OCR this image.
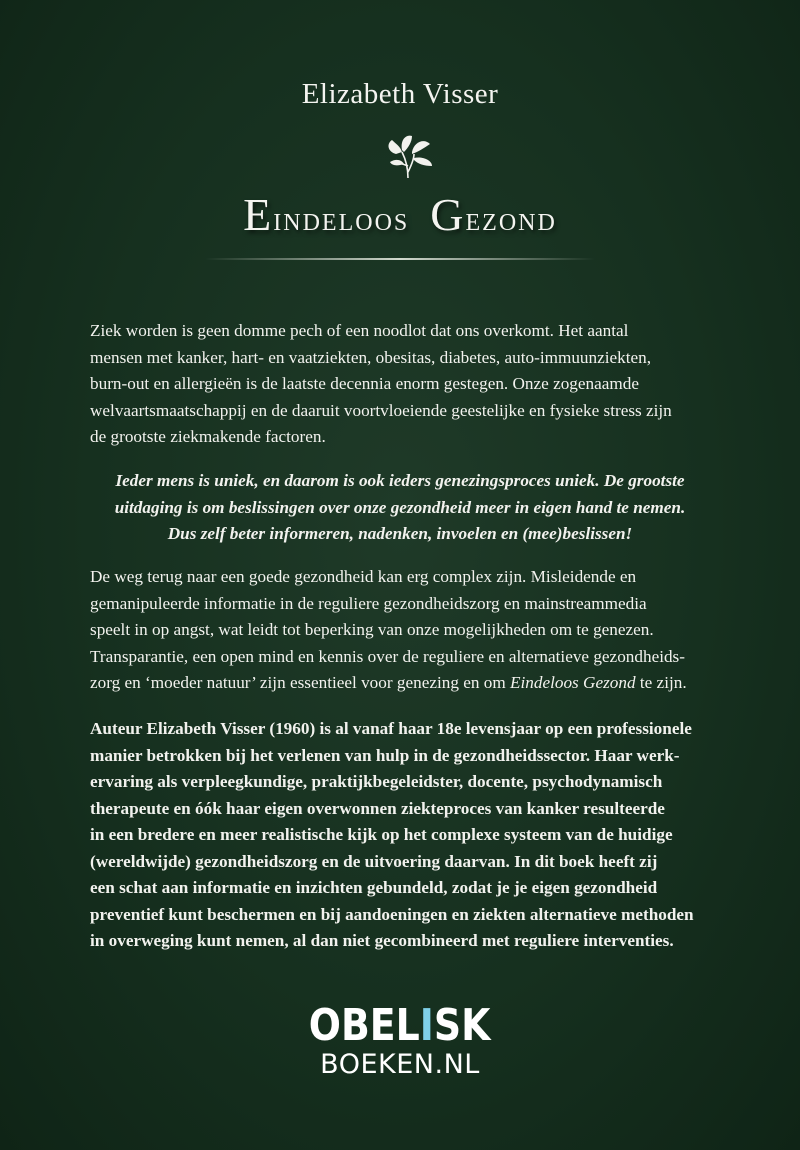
Elizabeth Visser
Eindeloos Gezond
Ziek worden is geen domme pech of een noodlot dat ons overkomt. Het aantal
mensen met kanker, hart- en vaatziekten, obesitas, diabetes, auto-immuunziekten,
burn-out en allergieën is de laatste decennia enorm gestegen. Onze zogenaamde
welvaartsmaatschappij en de daaruit voortvloeiende geestelijke en fysieke stress zijn
de grootste ziekmakende factoren.
Ieder mens is uniek, en daarom is ook ieders genezingsproces uniek. De grootste
uitdaging is om beslissingen over onze gezondheid meer in eigen hand te nemen.
Dus zelf beter informeren, nadenken, invoelen en (mee)beslissen!
De weg terug naar een goede gezondheid kan erg complex zijn. Misleidende en
gemanipuleerde informatie in de reguliere gezondheidszorg en mainstreammedia
speelt in op angst, wat leidt tot beperking van onze mogelijkheden om te genezen.
Transparantie, een open mind en kennis over de reguliere en alternatieve gezondheids-
zorg en ‘moeder natuur’ zijn essentieel voor genezing en om Eindeloos Gezond te zijn.
Auteur Elizabeth Visser (1960) is al vanaf haar 18e levensjaar op een professionele
manier betrokken bij het verlenen van hulp in de gezondheidssector. Haar werk-
ervaring als verpleegkundige, praktijkbegeleidster, docente, psychodynamisch
therapeute en óók haar eigen overwonnen ziekteproces van kanker resulteerde
in een bredere en meer realistische kijk op het complexe systeem van de huidige
(wereldwijde) gezondheidszorg en de uitvoering daarvan. In dit boek heeft zij
een schat aan informatie en inzichten gebundeld, zodat je je eigen gezondheid
preventief kunt beschermen en bij aandoeningen en ziekten alternatieve methoden
in overweging kunt nemen, al dan niet gecombineerd met reguliere interventies.
OBELISK
BOEKEN.NL
